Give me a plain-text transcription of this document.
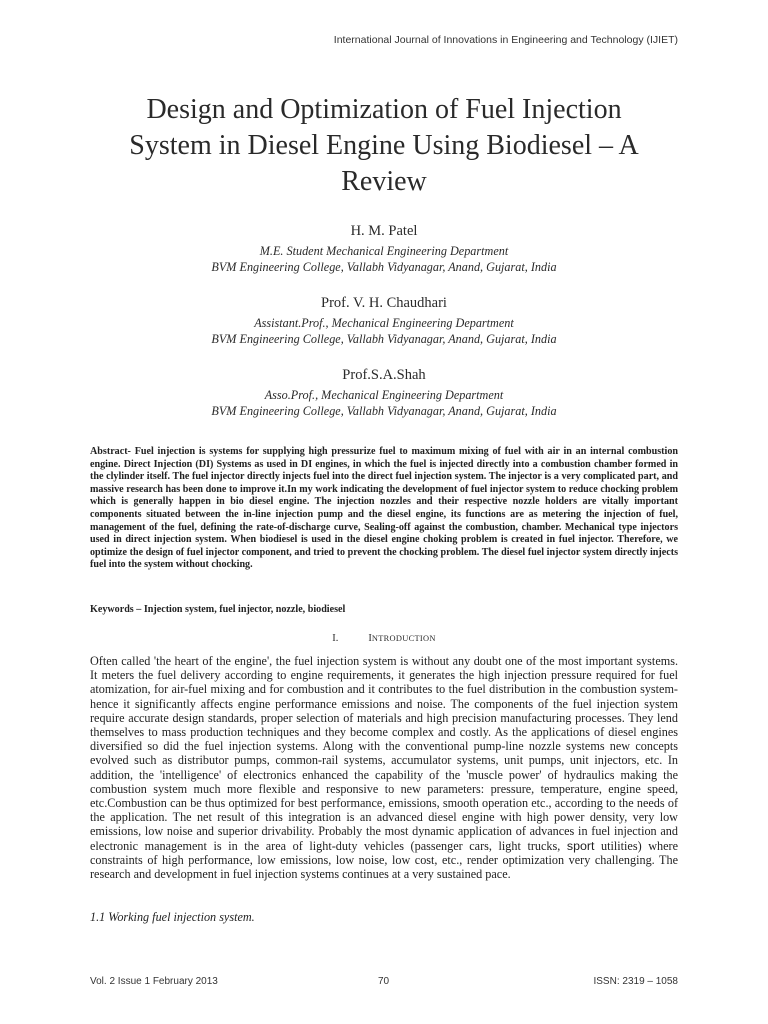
International Journal of Innovations in Engineering and Technology (IJIET)
Design and Optimization of Fuel Injection
System in Diesel Engine Using Biodiesel – A
Review
H. M. Patel
M.E. Student Mechanical Engineering Department
BVM Engineering College, Vallabh Vidyanagar, Anand, Gujarat, India
Prof. V. H. Chaudhari
Assistant.Prof., Mechanical Engineering Department
BVM Engineering College, Vallabh Vidyanagar, Anand, Gujarat, India
Prof.S.A.Shah
Asso.Prof., Mechanical Engineering Department
BVM Engineering College, Vallabh Vidyanagar, Anand, Gujarat, India
Abstract- Fuel injection is systems for supplying high pressurize fuel to maximum mixing of fuel with air in an internal combustion engine. Direct Injection (DI) Systems as used in DI engines, in which the fuel is injected directly into a combustion chamber formed in the clylinder itself. The fuel injector directly injects fuel into the direct fuel injection system. The injector is a very complicated part, and massive research has been done to improve it.In my work indicating the development of fuel injector system to reduce chocking problem which is generally happen in bio diesel engine. The injection nozzles and their respective nozzle holders are vitally important components situated between the in-line injection pump and the diesel engine, its functions are as metering the injection of fuel, management of the fuel, defining the rate-of-discharge curve, Sealing-off against the combustion, chamber. Mechanical type injectors used in direct injection system. When biodiesel is used in the diesel engine choking problem is created in fuel injector. Therefore, we optimize the design of fuel injector component, and tried to prevent the chocking problem. The diesel fuel injector system directly injects fuel into the system without chocking.
Keywords – Injection system, fuel injector, nozzle, biodiesel
I.	INTRODUCTION
Often called 'the heart of the engine', the fuel injection system is without any doubt one of the most important systems. It meters the fuel delivery according to engine requirements, it generates the high injection pressure required for fuel atomization, for air-fuel mixing and for combustion and it contributes to the fuel distribution in the combustion system-hence it significantly affects engine performance emissions and noise. The components of the fuel injection system require accurate design standards, proper selection of materials and high precision manufacturing processes. They lend themselves to mass production techniques and they become complex and costly. As the applications of diesel engines diversified so did the fuel injection systems. Along with the conventional pump-line nozzle systems new concepts evolved such as distributor pumps, common-rail systems, accumulator systems, unit pumps, unit injectors, etc. In addition, the 'intelligence' of electronics enhanced the capability of the 'muscle power' of hydraulics making the combustion system much more flexible and responsive to new parameters: pressure, temperature, engine speed, etc.Combustion can be thus optimized for best performance, emissions, smooth operation etc., according to the needs of the application. The net result of this integration is an advanced diesel engine with high power density, very low emissions, low noise and superior drivability. Probably the most dynamic application of advances in fuel injection and electronic management is in the area of light-duty vehicles (passenger cars, light trucks, sport utilities) where constraints of high performance, low emissions, low noise, low cost, etc., render optimization very challenging. The research and development in fuel injection systems continues at a very sustained pace.
1.1 Working fuel injection system.
Vol. 2 Issue 1 February 2013	70	ISSN: 2319 – 1058
